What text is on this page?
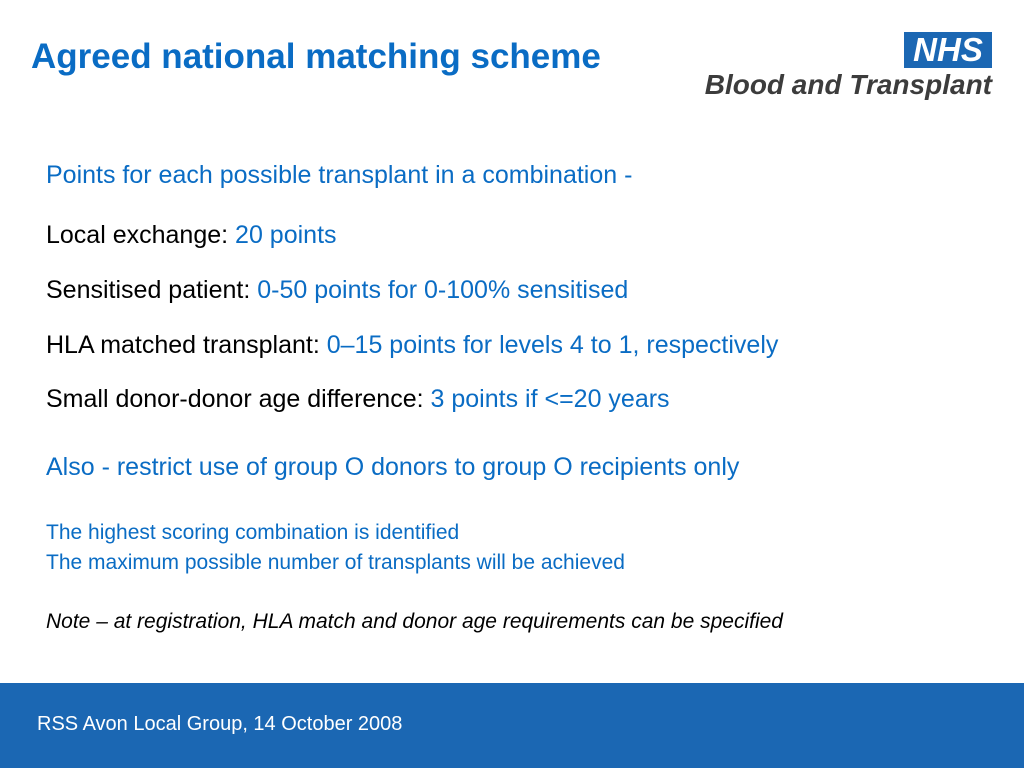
Agreed national matching scheme	NHS
Blood and Transplant

Points for each possible transplant in a combination -

Local exchange: 20 points

Sensitised patient: 0-50 points for 0-100% sensitised

HLA matched transplant: 0–15 points for levels 4 to 1, respectively

Small donor-donor age difference: 3 points if <=20 years

Also - restrict use of group O donors to group O recipients only

The highest scoring combination is identified

The maximum possible number of transplants will be achieved

Note – at registration, HLA match and donor age requirements can be specified

RSS Avon Local Group, 14 October 2008
